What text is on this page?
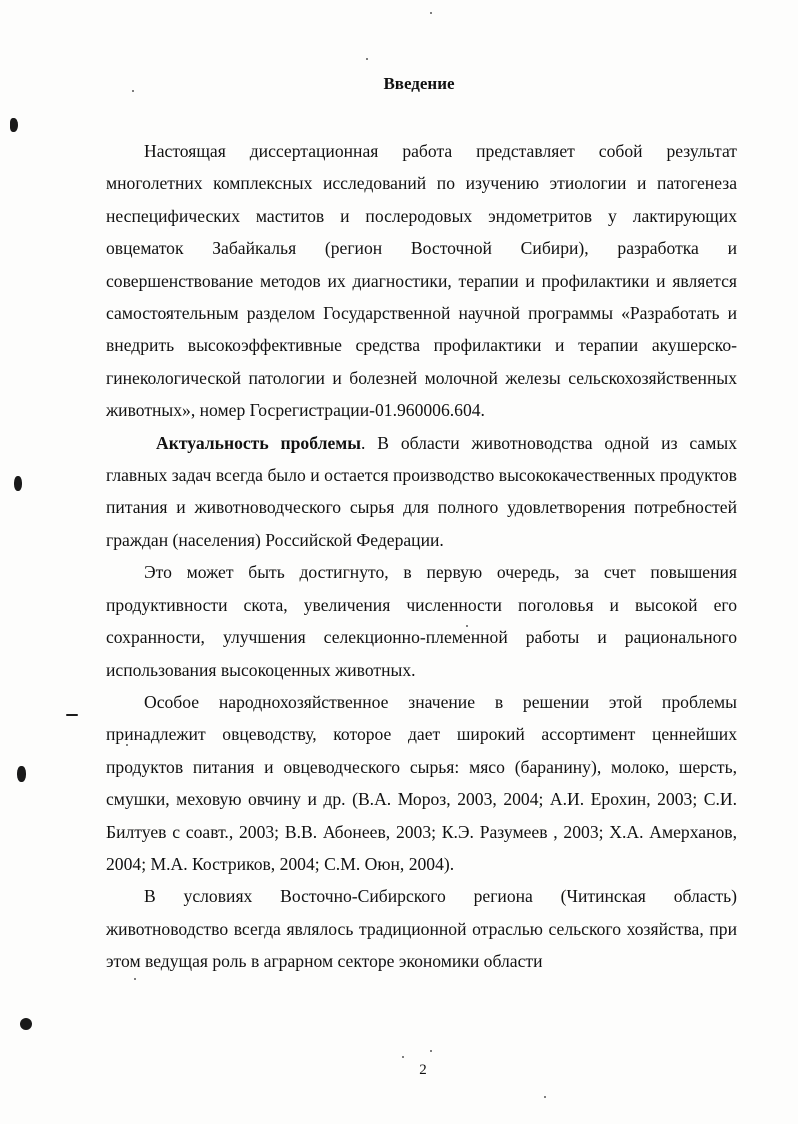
Введение

Настоящая диссертационная работа представляет собой результат многолетних комплексных исследований по изучению этиологии и патогенеза неспецифических маститов и послеродовых эндометритов у лактирующих овцематок Забайкалья (регион Восточной Сибири), разработка и совершенствование методов их диагностики, терапии и профилактики и является самостоятельным разделом Государственной научной программы «Разработать и внедрить высокоэффективные средства профилактики и терапии акушерско-гинекологической патологии и болезней молочной железы сельскохозяйственных животных», номер Госрегистрации-01.960006.604.

Актуальность проблемы. В области животноводства одной из самых главных задач всегда было и остается производство высококачественных продуктов питания и животноводческого сырья для полного удовлетворения потребностей граждан (населения) Российской Федерации.

Это может быть достигнуто, в первую очередь, за счет повышения продуктивности скота, увеличения численности поголовья и высокой его сохранности, улучшения селекционно-племенной работы и рационального использования высокоценных животных.

Особое народнохозяйственное значение в решении этой проблемы принадлежит овцеводству, которое дает широкий ассортимент ценнейших продуктов питания и овцеводческого сырья: мясо (баранину), молоко, шерсть, смушки, меховую овчину и др. (В.А. Мороз, 2003, 2004; А.И. Ерохин, 2003; С.И. Билтуев с соавт., 2003; В.В. Абонеев, 2003; К.Э. Разумеев , 2003; Х.А. Амерханов, 2004; М.А. Костриков, 2004; С.М. Оюн, 2004).

В условиях Восточно-Сибирского региона (Читинская область) животноводство всегда являлось традиционной отраслью сельского хозяйства, при этом ведущая роль в аграрном секторе экономики области

2
